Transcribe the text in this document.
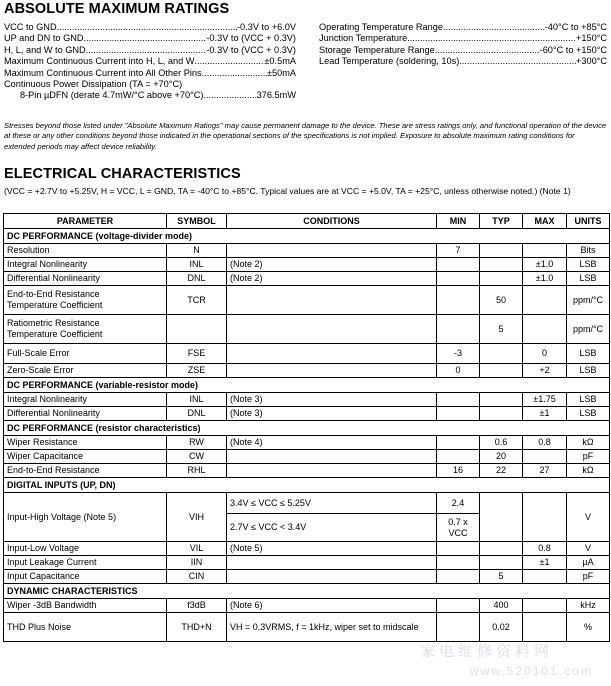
ABSOLUTE MAXIMUM RATINGS
VCC to GND .....	-0.3V to +6.0V
UP and DN to GND .....	-0.3V to (VCC + 0.3V)
H, L, and W to GND .....	-0.3V to (VCC + 0.3V)
Maximum Continuous Current into H, L, and W .....	±0.5mA
Maximum Continuous Current into All Other Pins .....	±50mA
Continuous Power Dissipation (TA = +70°C)
8-Pin µDFN (derate 4.7mW/°C above +70°C) .....	376.5mW
Operating Temperature Range .....	-40°C to +85°C
Junction Temperature .....	+150°C
Storage Temperature Range .....	-60°C to +150°C
Lead Temperature (soldering, 10s) .....	+300°C
Stresses beyond those listed under "Absolute Maximum Ratings" may cause permanent damage to the device. These are stress ratings only, and functional operation of the device at these or any other conditions beyond those indicated in the operational sections of the specifications is not implied. Exposure to absolute maximum rating conditions for extended periods may affect device reliability.
ELECTRICAL CHARACTERISTICS
(VCC = +2.7V to +5.25V, H = VCC, L = GND, TA = -40°C to +85°C. Typical values are at VCC = +5.0V, TA = +25°C, unless otherwise noted.) (Note 1)
PARAMETER	SYMBOL	CONDITIONS	MIN	TYP	MAX	UNITS
DC PERFORMANCE (voltage-divider mode)						
Resolution	N		7			Bits
Integral Nonlinearity	INL	(Note 2)			±1.0	LSB
Differential Nonlinearity	DNL	(Note 2)			±1.0	LSB

End-to-End Resistance
Temperature Coefficient	TCR			50		ppm/°C

Ratiometric Resistance
Temperature Coefficient				5		ppm/°C
Full-Scale Error	FSE		-3		0	LSB
Zero-Scale Error	ZSE		0		+2	LSB
DC PERFORMANCE (variable-resistor mode)						
Integral Nonlinearity	INL	(Note 3)			±1.75	LSB
Differential Nonlinearity	DNL	(Note 3)			±1	LSB
DC PERFORMANCE (resistor characteristics)						
Wiper Resistance	RW	(Note 4)		0.6	0.8	kΩ
Wiper Capacitance	CW			20		pF
End-to-End Resistance	RHL		16	22	27	kΩ
DIGITAL INPUTS (UP, DN)						
Input-High Voltage (Note 5)	VIH	3.4V ≤ VCC ≤ 5.25V	2.4			V
		2.7V ≤ VCC < 3.4V	0.7 x
VCC			

Input-Low Voltage	VIL	(Note 5)			0.8	V
Input Leakage Current	IIN				±1	µA
Input Capacitance	CIN			5		pF
DYNAMIC CHARACTERISTICS						
Wiper -3dB Bandwidth	f3dB	(Note 6)		400		kHz
THD Plus Noise	THD+N	VH = 0.3VRMS, f = 1kHz, wiper set to midscale		0.02		%
家电维修资料网
www.520101.com
